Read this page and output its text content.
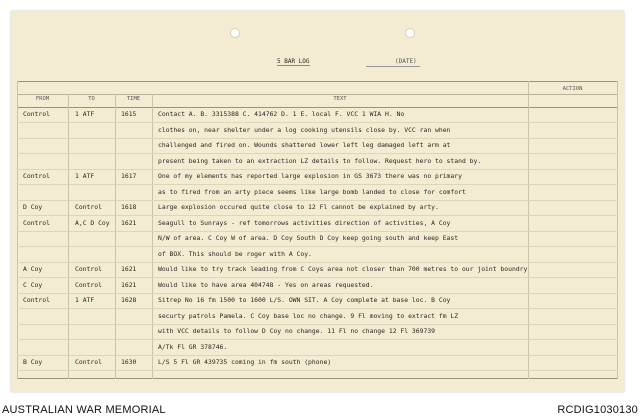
5 BAR LOG	(DATE)
FROM	TO	TIME	TEXT
ACTION
Control	1 ATF	1615	Contact A. B. 3315388 C. 414762 D. 1 E. local F. VCC 1 WIA H. No
clothes on, near shelter under a log cooking utensils close by. VCC ran when
challenged and fired on. Wounds shattered lower left leg damaged left arm at
present being taken to an extraction LZ details to follow. Request hero to stand by.
Control	1 ATF	1617	One of my elements has reported large explosion in GS 3673 there was no primary
as to fired from an arty piece seems like large bomb landed to close for comfort
D Coy	Control	1618	Large explosion occured quite close to 12 Fl cannot be explained by arty.
Control	A,C D Coy 1621	Seagull to Sunrays - ref tomorrows activities direction of activities, A Coy
N/W of area. C Coy W of area. D Coy South D Coy keep going south and keep East
of BOX. This should be roger with A Coy.
A Coy	Control	1621	Would like to try track leading from C Coys area not closer than 700 metres to our joint boundry
C Coy	Control	1621	Would like to have area 404748 - Yes on areas requested.
Control	1 ATF	1628	Sitrep No 16 fm 1500 to 1600 L/S. OWN SIT. A Coy complete at base loc. B Coy
securty patrols Pamela. C Coy base loc no change. 9 Fl moving to extract fm LZ
with VCC details to follow D Coy no change. 11 Fl no change 12 Fl 369739
A/Tk Fl GR 378746.
B Coy	Control	1630	L/S 5 Fl GR 439735 coming in fm south (phone)
AUSTRALIAN WAR MEMORIAL	RCDIG1030130
